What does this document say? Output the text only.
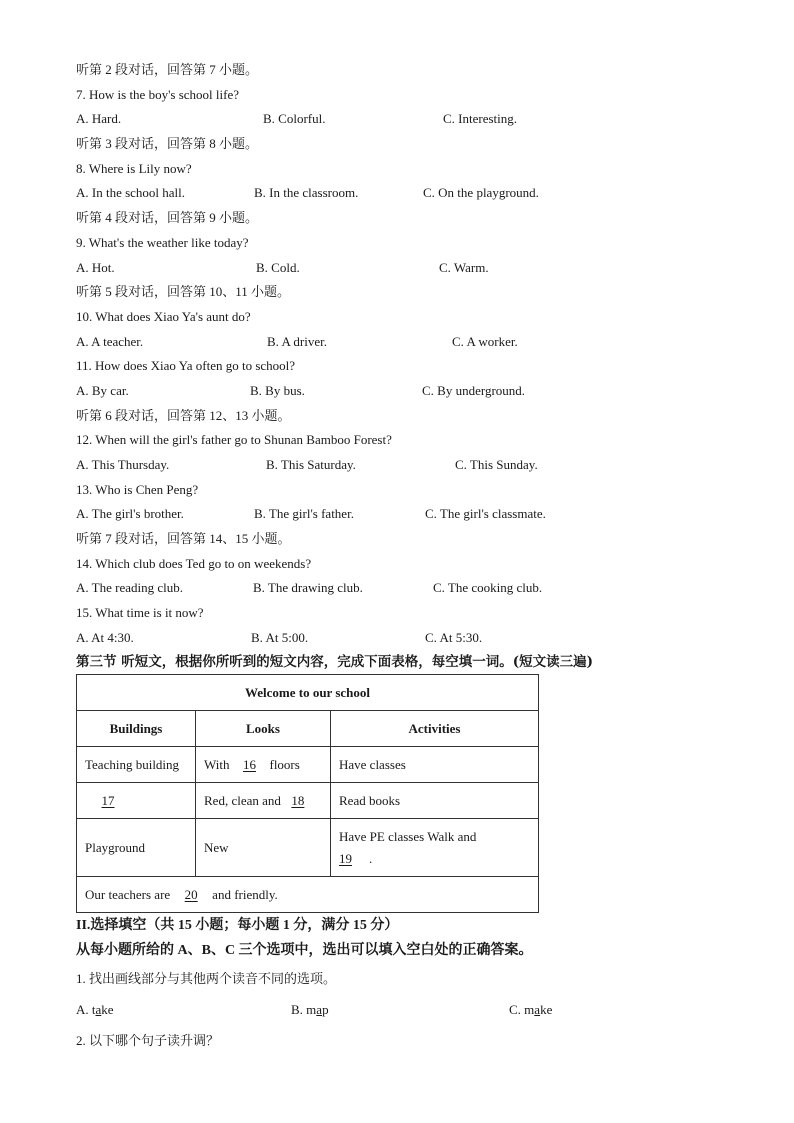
听第 2 段对话，回答第 7 小题。
7. How is the boy's school life?
A. Hard.	B. Colorful.	C. Interesting.
听第 3 段对话，回答第 8 小题。
8. Where is Lily now?
A. In the school hall.	B. In the classroom.	C. On the playground.
听第 4 段对话，回答第 9 小题。
9. What's the weather like today?
A. Hot.	B. Cold.	C. Warm.
听第 5 段对话，回答第 10、11 小题。
10. What does Xiao Ya's aunt do?
A. A teacher.	B. A driver.	C. A worker.
11. How does Xiao Ya often go to school?
A. By car.	B. By bus.	C. By underground.
听第 6 段对话，回答第 12、13 小题。
12. When will the girl's father go to Shunan Bamboo Forest?
A. This Thursday.	B. This Saturday.	C. This Sunday.
13. Who is Chen Peng?
A. The girl's brother.	B. The girl's father.	C. The girl's classmate.
听第 7 段对话，回答第 14、15 小题。
14. Which club does Ted go to on weekends?
A. The reading club.	B. The drawing club.	C. The cooking club.
15. What time is it now?
A. At 4:30.	B. At 5:00.	C. At 5:30.
Welcome to our school		
Buildings	Looks	Activities
Teaching building	With 16 floors	Have classes
17	Red, clean and 18	Read books
Playground	New	Have PE classes Walk and
19 .
Our teachers are 20 and friendly.		
第三节 听短文，根据你所听到的短文内容，完成下面表格，每空填一词。(短文读三遍)
II.选择填空（共 15 小题；每小题 1 分，满分 15 分）
从每小题所给的 A、B、C 三个选项中，选出可以填入空白处的正确答案。
1. 找出画线部分与其他两个读音不同的选项。
A. take	B. map	C. make
2. 以下哪个句子读升调？
